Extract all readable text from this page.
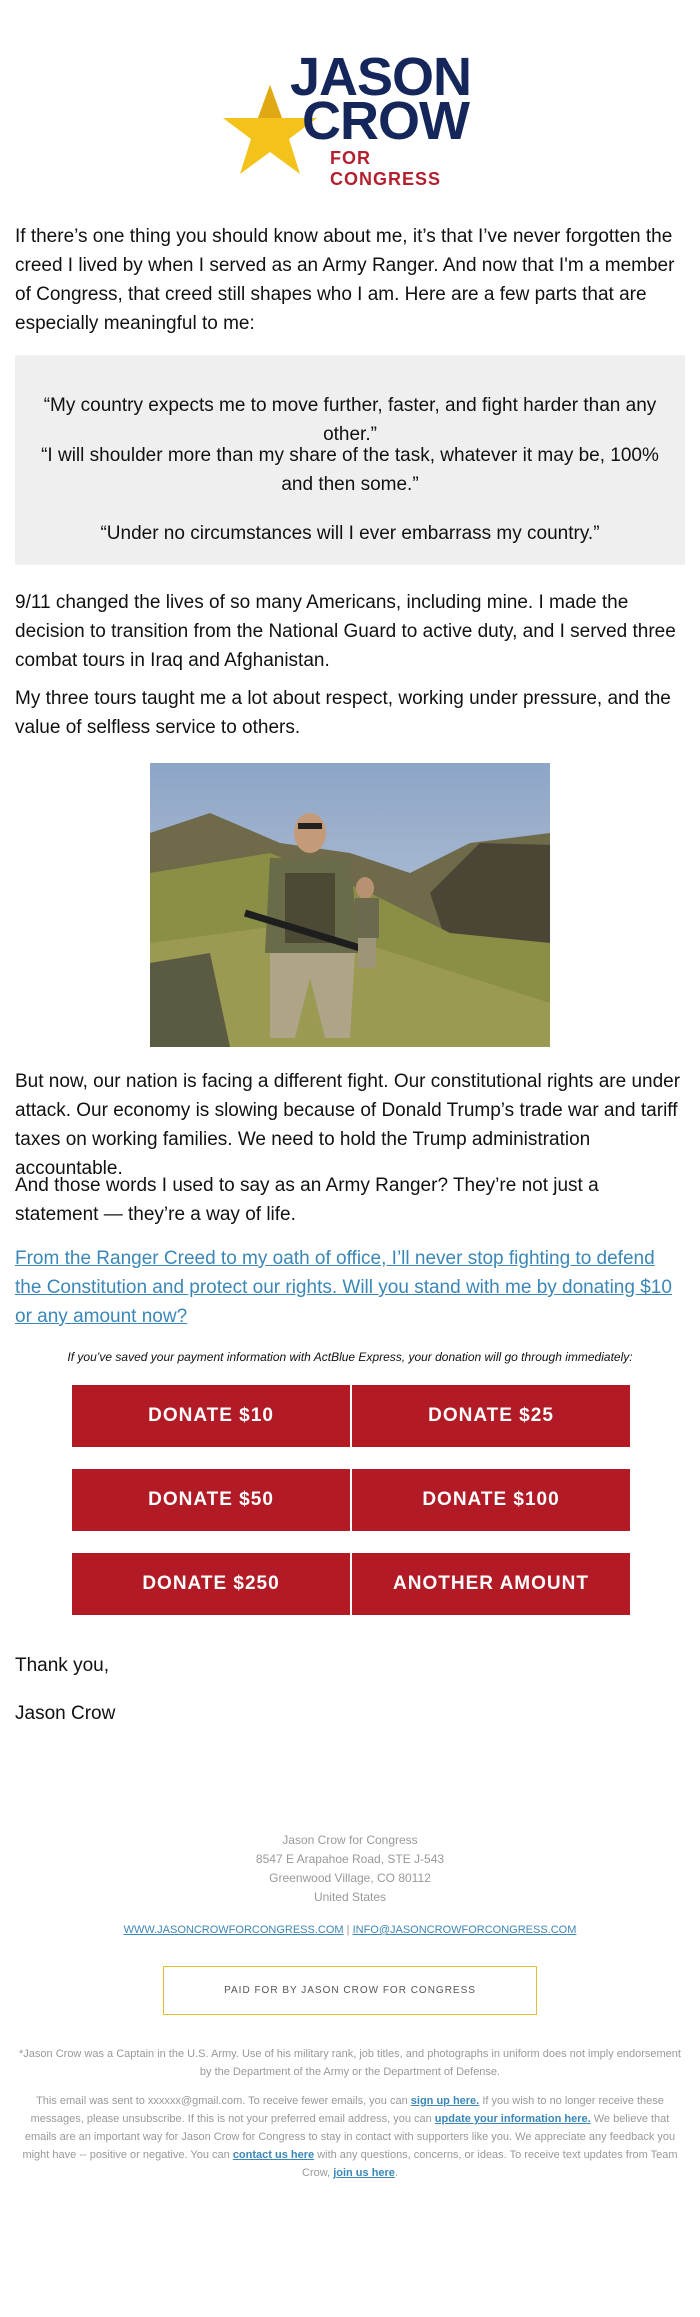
JASON
CROW
FOR CONGRESS

If there’s one thing you should know about me, it’s that I’ve never forgotten the creed I lived by when I served as an Army Ranger. And now that I'm a member of Congress, that creed still shapes who I am. Here are a few parts that are especially meaningful to me:

“My country expects me to move further, faster, and fight harder than any other.”

“I will shoulder more than my share of the task, whatever it may be, 100% and then some.”

“Under no circumstances will I ever embarrass my country.”

9/11 changed the lives of so many Americans, including mine. I made the decision to transition from the National Guard to active duty, and I served three combat tours in Iraq and Afghanistan.

My three tours taught me a lot about respect, working under pressure, and the value of selfless service to others.

But now, our nation is facing a different fight. Our constitutional rights are under attack. Our economy is slowing because of Donald Trump’s trade war and tariff taxes on working families. We need to hold the Trump administration accountable.

And those words I used to say as an Army Ranger? They’re not just a statement — they’re a way of life.

From the Ranger Creed to my oath of office, I’ll never stop fighting to defend the Constitution and protect our rights. Will you stand with me by donating $10 or any amount now?
If you’ve saved your payment information with ActBlue Express, your donation will go through immediately:
DONATE $10	DONATE $25
DONATE $50	DONATE $100
DONATE $250	ANOTHER AMOUNT
Thank you,
Jason Crow
Jason Crow for Congress
8547 E Arapahoe Road, STE J-543
Greenwood Village, CO 80112
United States
WWW.JASONCROWFORCONGRESS.COM | INFO@JASONCROWFORCONGRESS.COM
PAID FOR BY JASON CROW FOR CONGRESS
*Jason Crow was a Captain in the U.S. Army. Use of his military rank, job titles, and photographs in uniform does not imply endorsement by the Department of the Army or the Department of Defense.
This email was sent to xxxxxx@gmail.com. To receive fewer emails, you can sign up here. If you wish to no longer receive these messages, please unsubscribe. If this is not your preferred email address, you can update your information here. We believe that emails are an important way for Jason Crow for Congress to stay in contact with supporters like you. We appreciate any feedback you might have -- positive or negative. You can contact us here with any questions, concerns, or ideas. To receive text updates from Team Crow, join us here.
